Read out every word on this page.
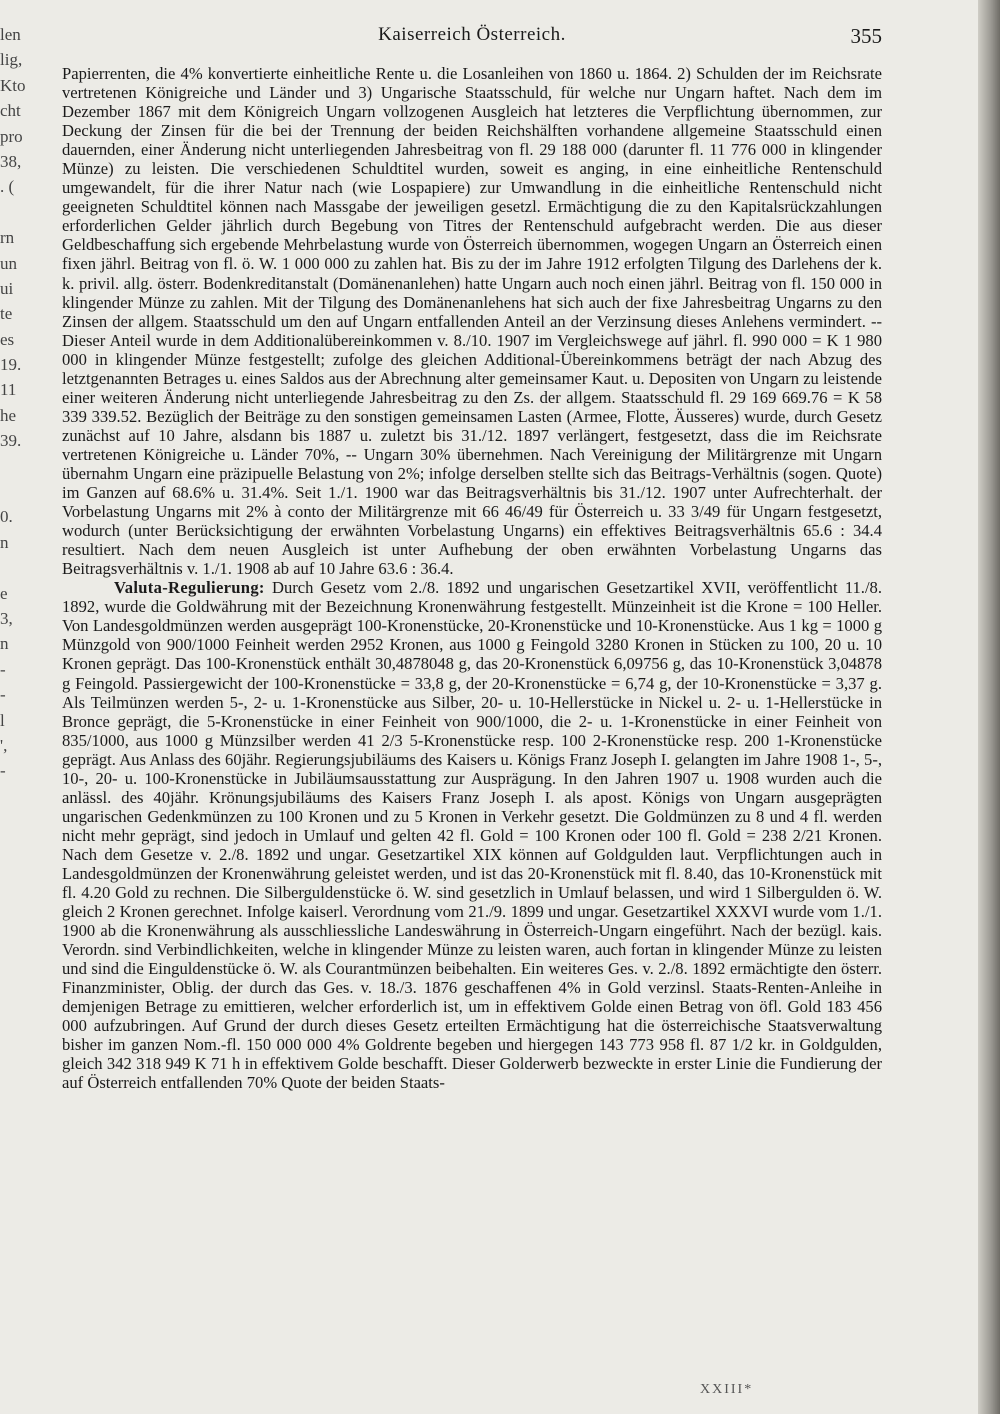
len
lig,
Kto
cht
pro
38,
. (
rn
un
ui
te
es
19.
11
he
39.
0.
n
e
3,
n
-
-
l
',
-
Kaiserreich Österreich.	355

Papierrenten, die 4% konvertierte einheitliche Rente u. die Losanleihen von 1860 u. 1864. 2) Schulden der im Reichsrate vertretenen Königreiche und Länder und 3) Ungarische Staatsschuld, für welche nur Ungarn haftet. Nach dem im Dezember 1867 mit dem Königreich Ungarn vollzogenen Ausgleich hat letzteres die Verpflichtung übernommen, zur Deckung der Zinsen für die bei der Trennung der beiden Reichshälften vorhandene allgemeine Staatsschuld einen dauernden, einer Änderung nicht unterliegenden Jahresbeitrag von fl. 29 188 000 (darunter fl. 11 776 000 in klingender Münze) zu leisten. Die verschiedenen Schuldtitel wurden, soweit es anging, in eine einheitliche Rentenschuld umgewandelt, für die ihrer Natur nach (wie Lospapiere) zur Umwandlung in die einheitliche Rentenschuld nicht geeigneten Schuldtitel können nach Massgabe der jeweiligen gesetzl. Ermächtigung die zu den Kapitalsrückzahlungen erforderlichen Gelder jährlich durch Begebung von Titres der Rentenschuld aufgebracht werden. Die aus dieser Geldbeschaffung sich ergebende Mehrbelastung wurde von Österreich übernommen, wogegen Ungarn an Österreich einen fixen jährl. Beitrag von fl. ö. W. 1 000 000 zu zahlen hat. Bis zu der im Jahre 1912 erfolgten Tilgung des Darlehens der k. k. privil. allg. österr. Bodenkreditanstalt (Domänenanlehen) hatte Ungarn auch noch einen jährl. Beitrag von fl. 150 000 in klingender Münze zu zahlen. Mit der Tilgung des Domänenanlehens hat sich auch der fixe Jahresbeitrag Ungarns zu den Zinsen der allgem. Staatsschuld um den auf Ungarn entfallenden Anteil an der Verzinsung dieses Anlehens vermindert. -- Dieser Anteil wurde in dem Additionalübereinkommen v. 8./10. 1907 im Vergleichswege auf jährl. fl. 990 000 = K 1 980 000 in klingender Münze festgestellt; zufolge des gleichen Additional-Übereinkommens beträgt der nach Abzug des letztgenannten Betrages u. eines Saldos aus der Abrechnung alter gemeinsamer Kaut. u. Depositen von Ungarn zu leistende einer weiteren Änderung nicht unterliegende Jahresbeitrag zu den Zs. der allgem. Staatsschuld fl. 29 169 669.76 = K 58 339 339.52. Bezüglich der Beiträge zu den sonstigen gemeinsamen Lasten (Armee, Flotte, Äusseres) wurde, durch Gesetz zunächst auf 10 Jahre, alsdann bis 1887 u. zuletzt bis 31./12. 1897 verlängert, festgesetzt, dass die im Reichsrate vertretenen Königreiche u. Länder 70%, -- Ungarn 30% übernehmen. Nach Vereinigung der Militärgrenze mit Ungarn übernahm Ungarn eine präzipuelle Belastung von 2%; infolge derselben stellte sich das Beitrags-Verhältnis (sogen. Quote) im Ganzen auf 68.6% u. 31.4%. Seit 1./1. 1900 war das Beitragsverhältnis bis 31./12. 1907 unter Aufrechterhalt. der Vorbelastung Ungarns mit 2% à conto der Militärgrenze mit 66 46/49 für Österreich u. 33 3/49 für Ungarn festgesetzt, wodurch (unter Berücksichtigung der erwähnten Vorbelastung Ungarns) ein effektives Beitragsverhältnis 65.6 : 34.4 resultiert. Nach dem neuen Ausgleich ist unter Aufhebung der oben erwähnten Vorbelastung Ungarns das Beitragsverhältnis v. 1./1. 1908 ab auf 10 Jahre 63.6 : 36.4.

Valuta-Regulierung: Durch Gesetz vom 2./8. 1892 und ungarischen Gesetzartikel XVII, veröffentlicht 11./8. 1892, wurde die Goldwährung mit der Bezeichnung Kronenwährung festgestellt. Münzeinheit ist die Krone = 100 Heller. Von Landesgoldmünzen werden ausgeprägt 100-Kronenstücke, 20-Kronenstücke und 10-Kronenstücke. Aus 1 kg = 1000 g Münzgold von 900/1000 Feinheit werden 2952 Kronen, aus 1000 g Feingold 3280 Kronen in Stücken zu 100, 20 u. 10 Kronen geprägt. Das 100-Kronenstück enthält 30,4878048 g, das 20-Kronenstück 6,09756 g, das 10-Kronenstück 3,04878 g Feingold. Passiergewicht der 100-Kronenstücke = 33,8 g, der 20-Kronenstücke = 6,74 g, der 10-Kronenstücke = 3,37 g. Als Teilmünzen werden 5-, 2- u. 1-Kronenstücke aus Silber, 20- u. 10-Hellerstücke in Nickel u. 2- u. 1-Hellerstücke in Bronce geprägt, die 5-Kronenstücke in einer Feinheit von 900/1000, die 2- u. 1-Kronenstücke in einer Feinheit von 835/1000, aus 1000 g Münzsilber werden 41 2/3 5-Kronenstücke resp. 100 2-Kronenstücke resp. 200 1-Kronenstücke geprägt. Aus Anlass des 60jähr. Regierungsjubiläums des Kaisers u. Königs Franz Joseph I. gelangten im Jahre 1908 1-, 5-, 10-, 20- u. 100-Kronenstücke in Jubiläumsausstattung zur Ausprägung. In den Jahren 1907 u. 1908 wurden auch die anlässl. des 40jähr. Krönungsjubiläums des Kaisers Franz Joseph I. als apost. Königs von Ungarn ausgeprägten ungarischen Gedenkmünzen zu 100 Kronen und zu 5 Kronen in Verkehr gesetzt. Die Goldmünzen zu 8 und 4 fl. werden nicht mehr geprägt, sind jedoch in Umlauf und gelten 42 fl. Gold = 100 Kronen oder 100 fl. Gold = 238 2/21 Kronen. Nach dem Gesetze v. 2./8. 1892 und ungar. Gesetzartikel XIX können auf Goldgulden laut. Verpflichtungen auch in Landesgoldmünzen der Kronenwährung geleistet werden, und ist das 20-Kronenstück mit fl. 8.40, das 10-Kronenstück mit fl. 4.20 Gold zu rechnen. Die Silberguldenstücke ö. W. sind gesetzlich in Umlauf belassen, und wird 1 Silbergulden ö. W. gleich 2 Kronen gerechnet. Infolge kaiserl. Verordnung vom 21./9. 1899 und ungar. Gesetzartikel XXXVI wurde vom 1./1. 1900 ab die Kronenwährung als ausschliessliche Landeswährung in Österreich-Ungarn eingeführt. Nach der bezügl. kais. Verordn. sind Verbindlichkeiten, welche in klingender Münze zu leisten waren, auch fortan in klingender Münze zu leisten und sind die Einguldenstücke ö. W. als Courantmünzen beibehalten. Ein weiteres Ges. v. 2./8. 1892 ermächtigte den österr. Finanzminister, Oblig. der durch das Ges. v. 18./3. 1876 geschaffenen 4% in Gold verzinsl. Staats-Renten-Anleihe in demjenigen Betrage zu emittieren, welcher erforderlich ist, um in effektivem Golde einen Betrag von öfl. Gold 183 456 000 aufzubringen. Auf Grund der durch dieses Gesetz erteilten Ermächtigung hat die österreichische Staatsverwaltung bisher im ganzen Nom.-fl. 150 000 000 4% Goldrente begeben und hiergegen 143 773 958 fl. 87 1/2 kr. in Goldgulden, gleich 342 318 949 K 71 h in effektivem Golde beschafft. Dieser Golderwerb bezweckte in erster Linie die Fundierung der auf Österreich entfallenden 70% Quote der beiden Staats-

XXIII*
